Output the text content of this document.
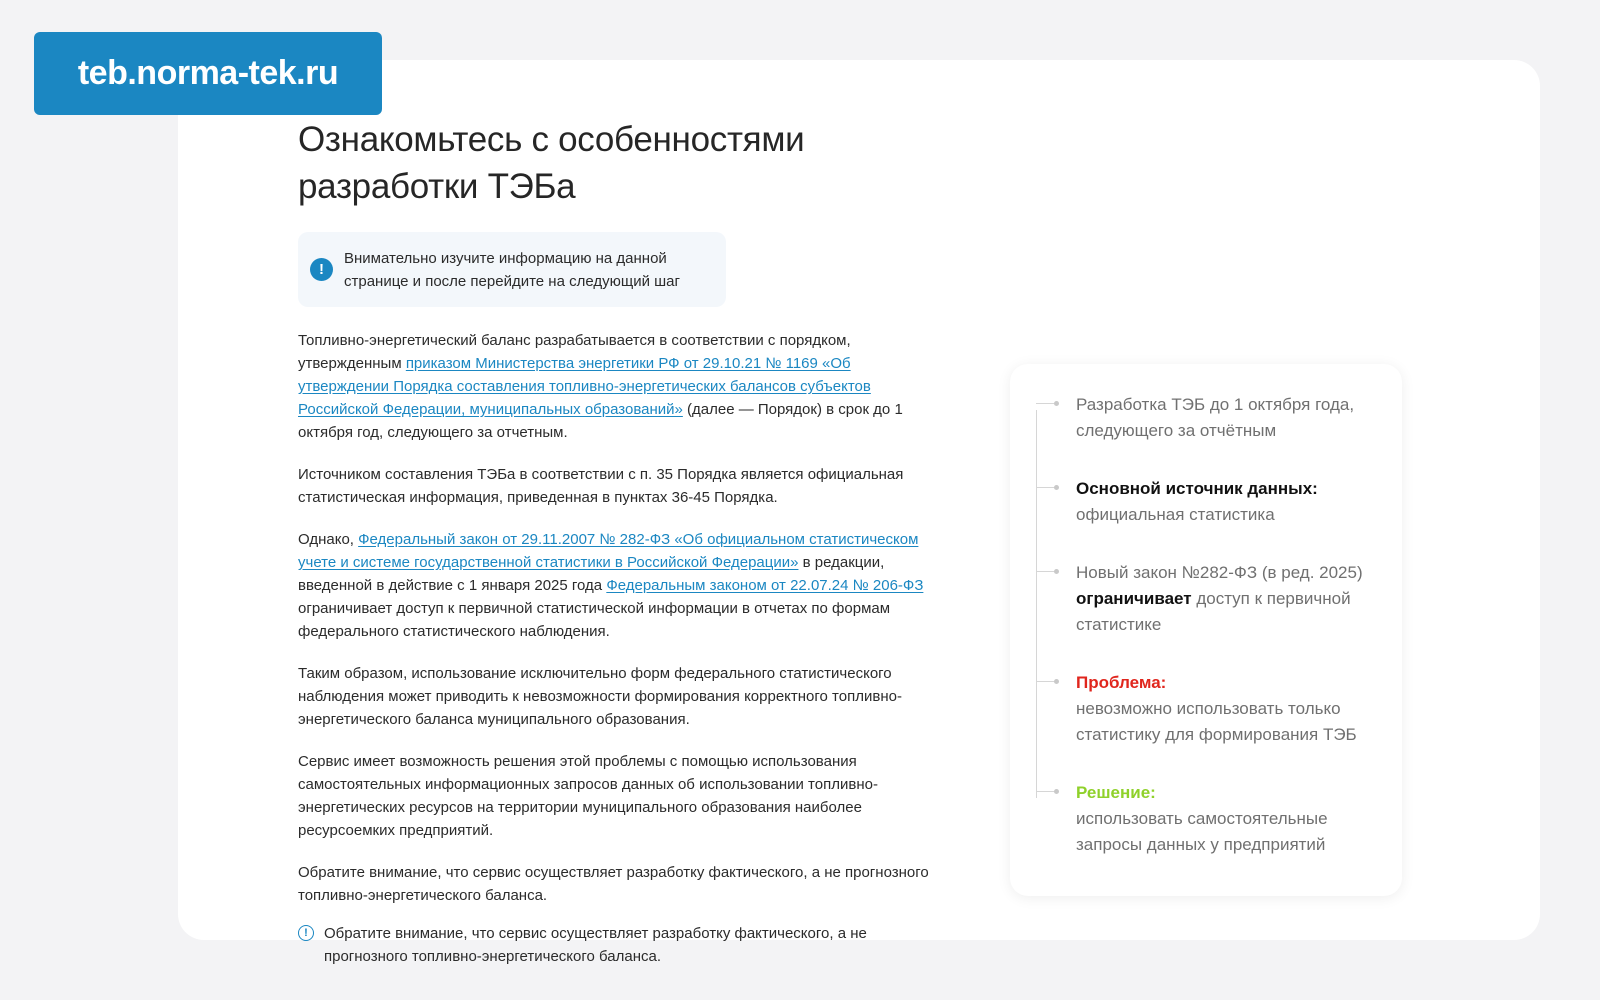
teb.norma-tek.ru
Ознакомьтесь с особенностями
разработки ТЭБа
!
Внимательно изучите информацию на данной странице и после перейдите на следующий шаг

Топливно-энергетический баланс разрабатывается в соответствии с порядком, утвержденным приказом Министерства энергетики РФ от 29.10.21 № 1169 «Об утверждении Порядка составления топливно-энергетических балансов субъектов Российской Федерации, муниципальных образований» (далее — Порядок) в срок до 1 октября год, следующего за отчетным.

Источником составления ТЭБа в соответствии с п. 35 Порядка является официальная статистическая информация, приведенная в пунктах 36-45 Порядка.

Однако, Федеральный закон от 29.11.2007 № 282-ФЗ «Об официальном статистическом учете и системе государственной статистики в Российской Федерации» в редакции, введенной в действие с 1 января 2025 года Федеральным законом от 22.07.24 № 206-ФЗ ограничивает доступ к первичной статистической информации в отчетах по формам федерального статистического наблюдения.

Таким образом, использование исключительно форм федерального статистического наблюдения может приводить к невозможности формирования корректного топливно-энергетического баланса муниципального образования.

Сервис имеет возможность решения этой проблемы с помощью использования самостоятельных информационных запросов данных об использовании топливно-энергетических ресурсов на территории муниципального образования наиболее ресурсоемких предприятий.

Обратите внимание, что сервис осуществляет разработку фактического, а не прогнозного топливно-энергетического баланса.

!	Обратите внимание, что сервис осуществляет разработку фактического, а не прогнозного топливно-энергетического баланса.
Разработка ТЭБ до 1 октября года, следующего за отчётным
Основной источник данных:
официальная статистика
Новый закон №282-ФЗ (в ред. 2025) ограничивает доступ к первичной статистике
Проблема:
невозможно использовать только статистику для формирования ТЭБ
Решение:
использовать самостоятельные запросы данных у предприятий
